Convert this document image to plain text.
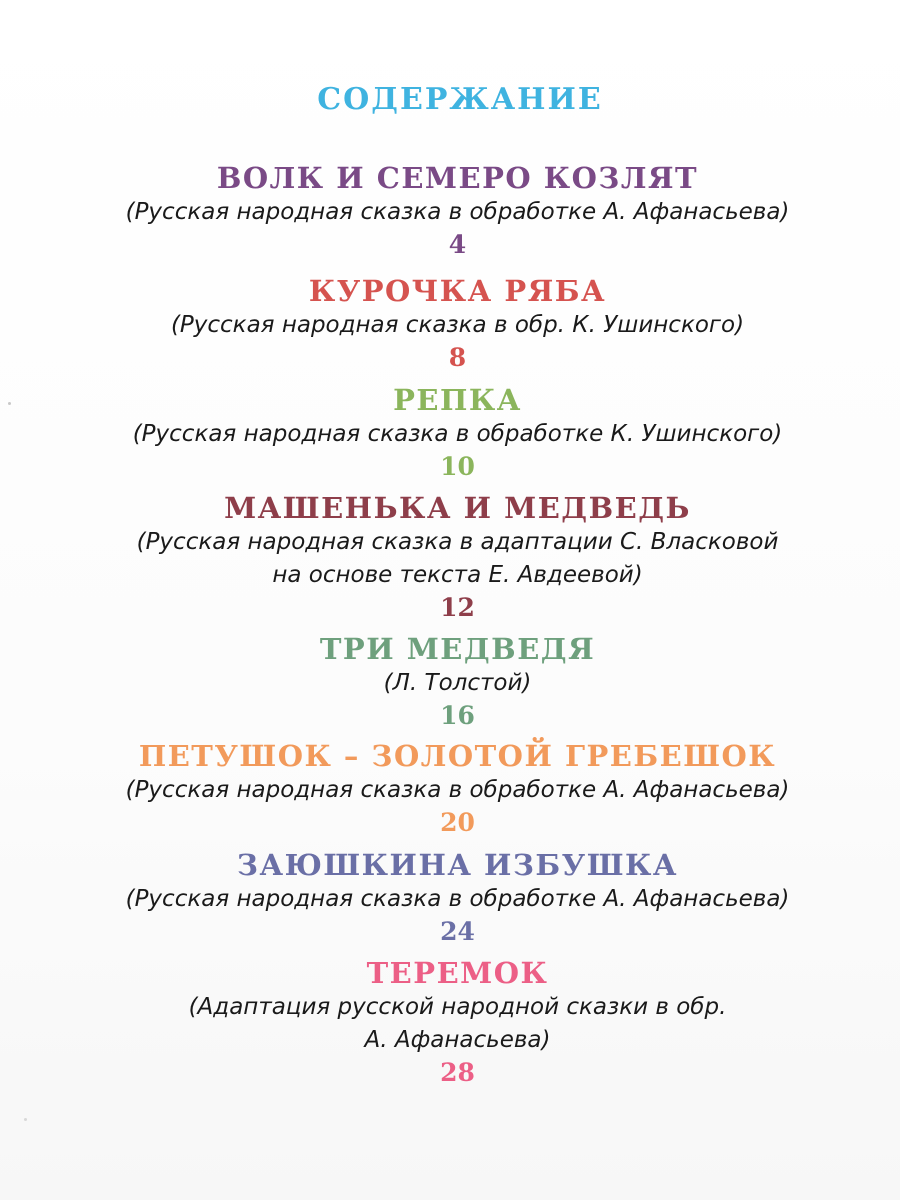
СОДЕРЖАНИЕ
ВОЛК И СЕМЕРО КОЗЛЯТ
(Русская народная сказка в обработке А. Афанасьева)
4
КУРОЧКА РЯБА
(Русская народная сказка в обр. К. Ушинского)
8
РЕПКА
(Русская народная сказка в обработке К. Ушинского)
10
МАШЕНЬКА И МЕДВЕДЬ
(Русская народная сказка в адаптации С. Власковой
на основе текста Е. Авдеевой)
12
ТРИ МЕДВЕДЯ
(Л. Толстой)
16
ПЕТУШОК – ЗОЛОТОЙ ГРЕБЕШОК
(Русская народная сказка в обработке А. Афанасьева)
20
ЗАЮШКИНА ИЗБУШКА
(Русская народная сказка в обработке А. Афанасьева)
24
ТЕРЕМОК
(Адаптация русской народной сказки в обр.
А. Афанасьева)
28
